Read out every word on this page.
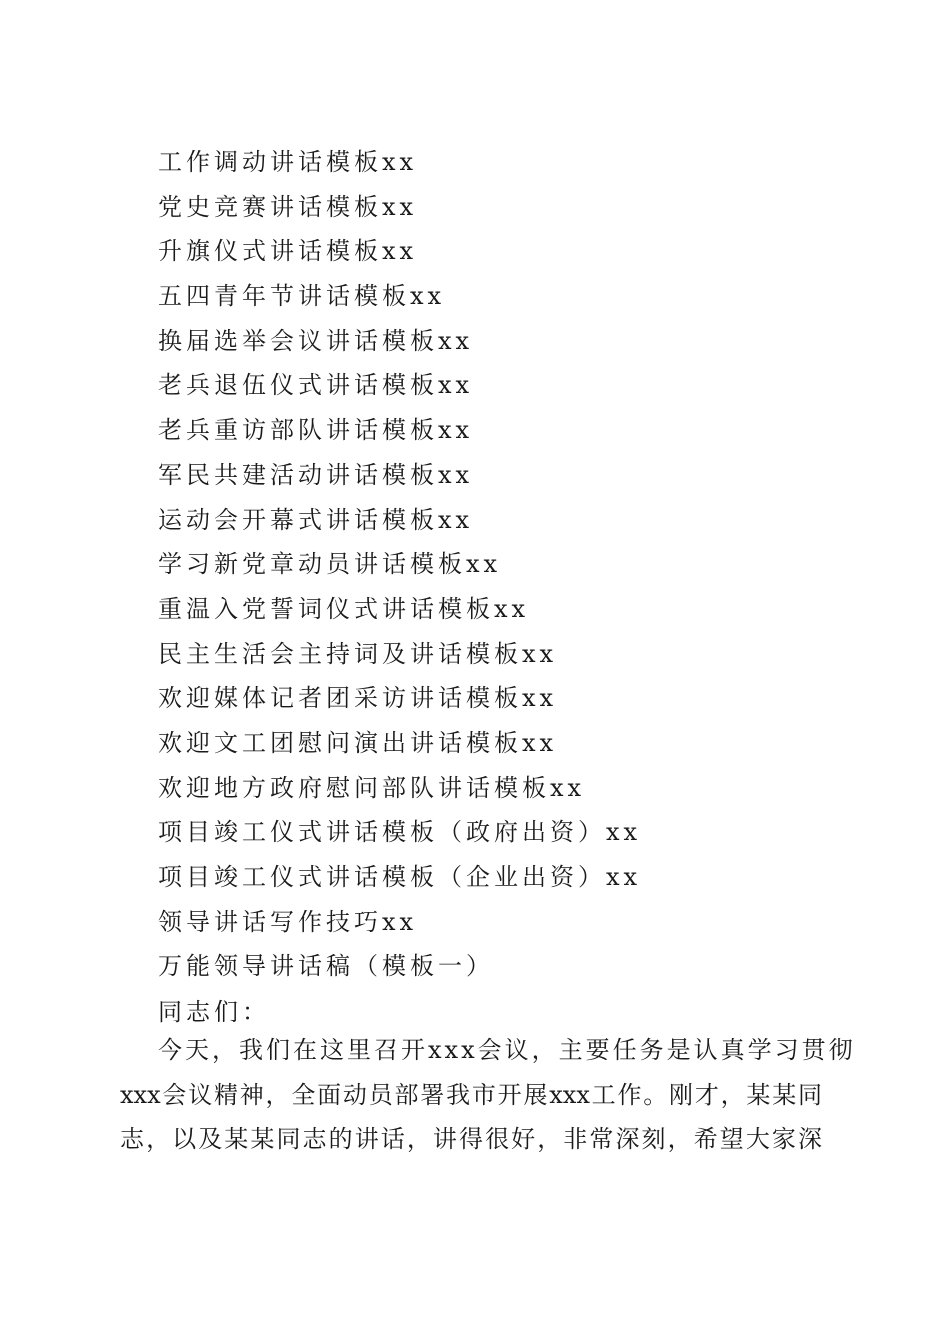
工作调动讲话模板xx
党史竞赛讲话模板xx
升旗仪式讲话模板xx
五四青年节讲话模板xx
换届选举会议讲话模板xx
老兵退伍仪式讲话模板xx
老兵重访部队讲话模板xx
军民共建活动讲话模板xx
运动会开幕式讲话模板xx
学习新党章动员讲话模板xx
重温入党誓词仪式讲话模板xx
民主生活会主持词及讲话模板xx
欢迎媒体记者团采访讲话模板xx
欢迎文工团慰问演出讲话模板xx
欢迎地方政府慰问部队讲话模板xx
项目竣工仪式讲话模板（政府出资）xx
项目竣工仪式讲话模板（企业出资）xx
领导讲话写作技巧xx
万能领导讲话稿（模板一）
同志们：
今天，我们在这里召开xxx会议，主要任务是认真学习贯彻
xxx会议精神，全面动员部署我市开展xxx工作。刚才，某某同
志，以及某某同志的讲话，讲得很好，非常深刻，希望大家深
